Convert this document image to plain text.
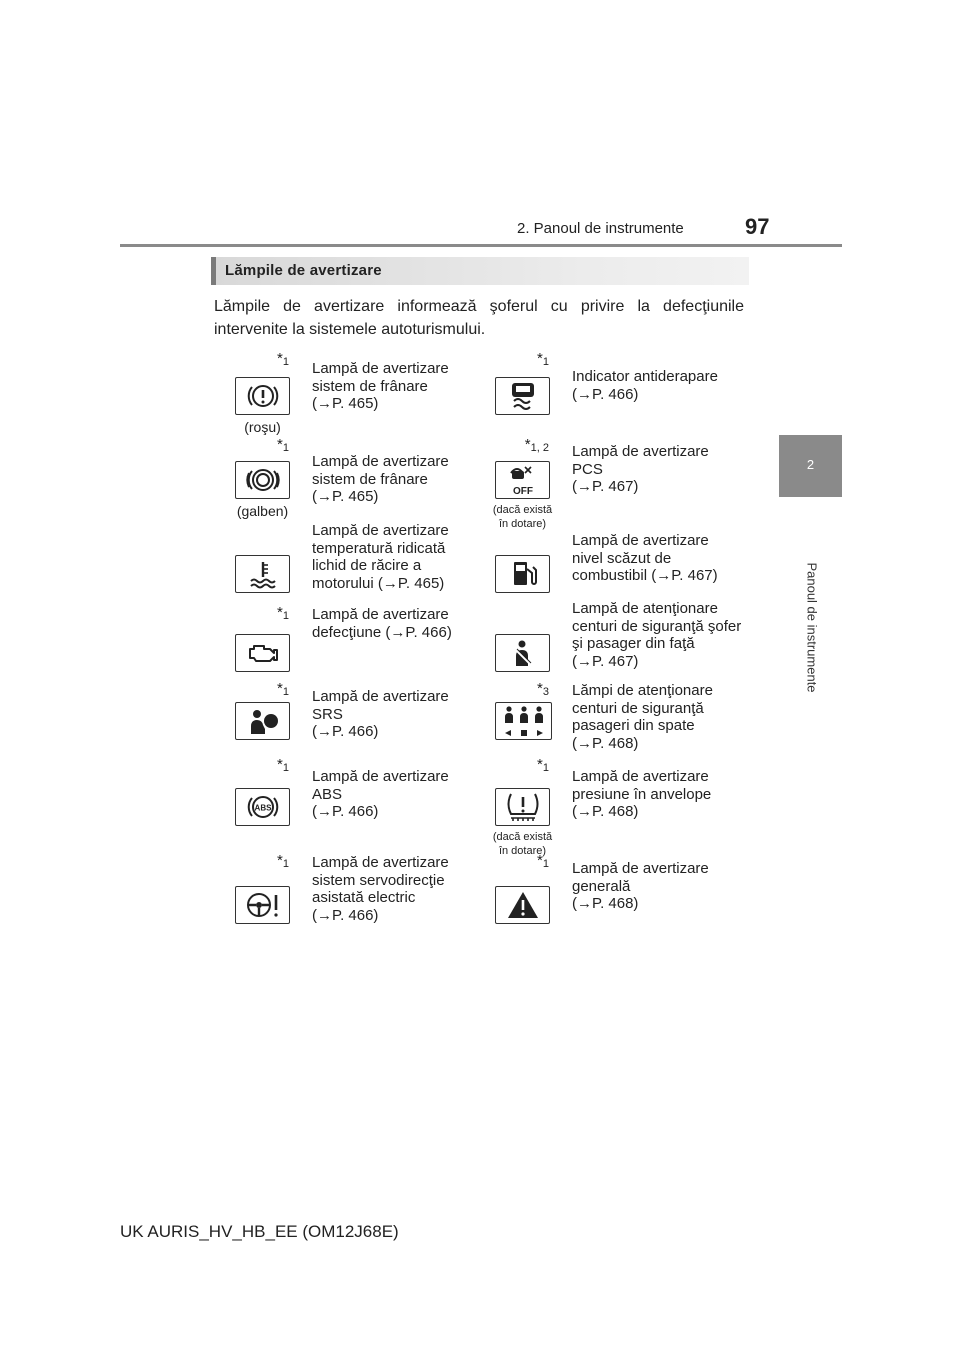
2. Panoul de instrumente	97
2
Panoul de instrumente
Lămpile de avertizare
Lămpile de avertizare informează şoferul cu privire la defecţiunile intervenite la sistemele autoturismului.
$*_1$
(roşu)
Lampă de avertizare
sistem de frânare
(→P. 465)
$*_1$
Indicator antiderapare
(→P. 466)
$*_1$
(galben)
Lampă de avertizare
sistem de frânare
(→P. 465)
$*_{1, 2}$
OFF
(dacă există
în dotare)
Lampă de avertizare
PCS
(→P. 467)
Lampă de avertizare
temperatură ridicată
lichid de răcire a
motorului (→P. 465)
Lampă de avertizare
nivel scăzut de
combustibil (→P. 467)
$*_1$ Lampă de avertizare
defecţiune (→P. 466)
Lampă de atenţionare
centuri de siguranţă şofer
şi pasager din faţă
(→P. 467)
$*_1$ Lampă de avertizare
SRS
(→P. 466)
$*_3$ Lămpi de atenţionare
centuri de siguranţă
pasageri din spate
(→P. 468)
$*_1$
ABS
Lampă de avertizare
ABS
(→P. 466)
$*_1$
(dacă există
în dotare)
Lampă de avertizare
presiune în anvelope
(→P. 468)
$*_1$ Lampă de avertizare
sistem servodirecţie
asistată electric
(→P. 466)
$*_1$ Lampă de avertizare
generală
(→P. 468)
UK AURIS_HV_HB_EE (OM12J68E)
